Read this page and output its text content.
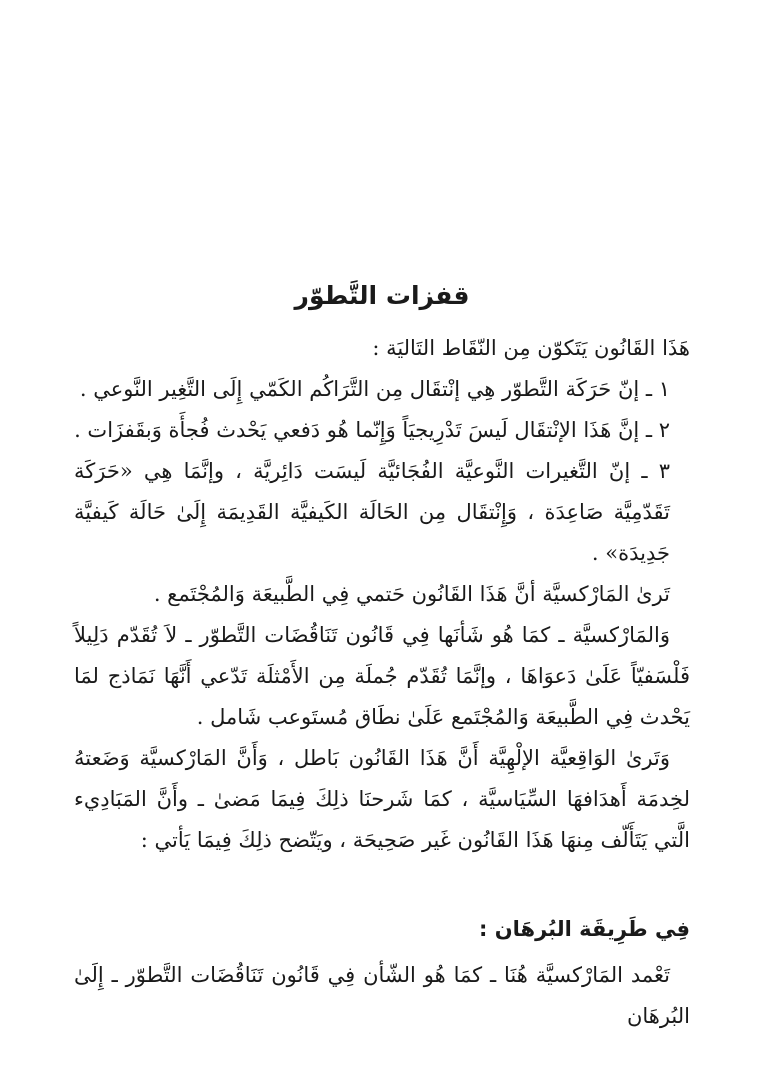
قفزات التَّطوّر

هَذَا القَانُون يَتَكوّن مِن النّقَاط التَاليَة :

١ ـ إنّ حَرَكَة التَّطوّر هِي إنْتقَال مِن التَّرَاكُم الكَمّي إِلَى التَّغِير النَّوعي .

٢ ـ إنَّ هَذَا الإنْتقَال لَيسَ تَدْرِيجيَاً وَإِنّما هُو دَفعي يَحْدث فُجأَة وَبقَفزَات .

٣ ـ إنّ التَّغيرات النَّوعيَّة الفُجَائيَّة لَيسَت دَائِريَّة ، وإنَّمَا هِي «حَرَكَة تَقَدّمِيَّة صَاعِدَة ، وَإِنْتقَال مِن الحَالَة الكَيفيَّة القَدِيمَة إِلَىٰ حَالَة كَيفيَّة جَدِيدَة» .

تَرىٰ المَارْكسيَّة أنَّ هَذَا القَانُون حَتمي فِي الطَّبيعَة وَالمُجْتَمع .

وَالمَارْكسيَّة ـ كمَا هُو شَأنَها فِي قَانُون تَنَاقُضَات التَّطوّر ـ لاَ تُقَدّم دَلِيلاً فَلْسَفيّاً عَلَىٰ دَعوَاهَا ، وإنَّمَا تُقَدّم جُملَة مِن الأَمْثلَة تَدّعي أَنَّهَا نَمَاذج لمَا يَحْدث فِي الطَّبيعَة وَالمُجْتَمع عَلَىٰ نطَاق مُستَوعب شَامل .

وَتَرىٰ الوَاقِعيَّة الإلْهِيَّة أَنَّ هَذَا القَانُون بَاطل ، وَأَنَّ المَارْكسيَّة وَضَعتهُ لخِدمَة أَهدَافهَا السِّيَاسيَّة ، كمَا شَرحنَا ذلِكَ فِيمَا مَضىٰ ـ وأَنَّ المَبَادِيء الَّتي يَتَأَلّف مِنهَا هَذَا القَانُون غَير صَحِيحَة ، ويَتّضح ذلِكَ فِيمَا يَأتي :

فِي طَرِيقَة البُرهَان :

تَعْمد المَارْكسيَّة هُنَا ـ كمَا هُو الشّأن فِي قَانُون تَنَاقُضَات التَّطوّر ـ إِلَىٰ البُرهَان
